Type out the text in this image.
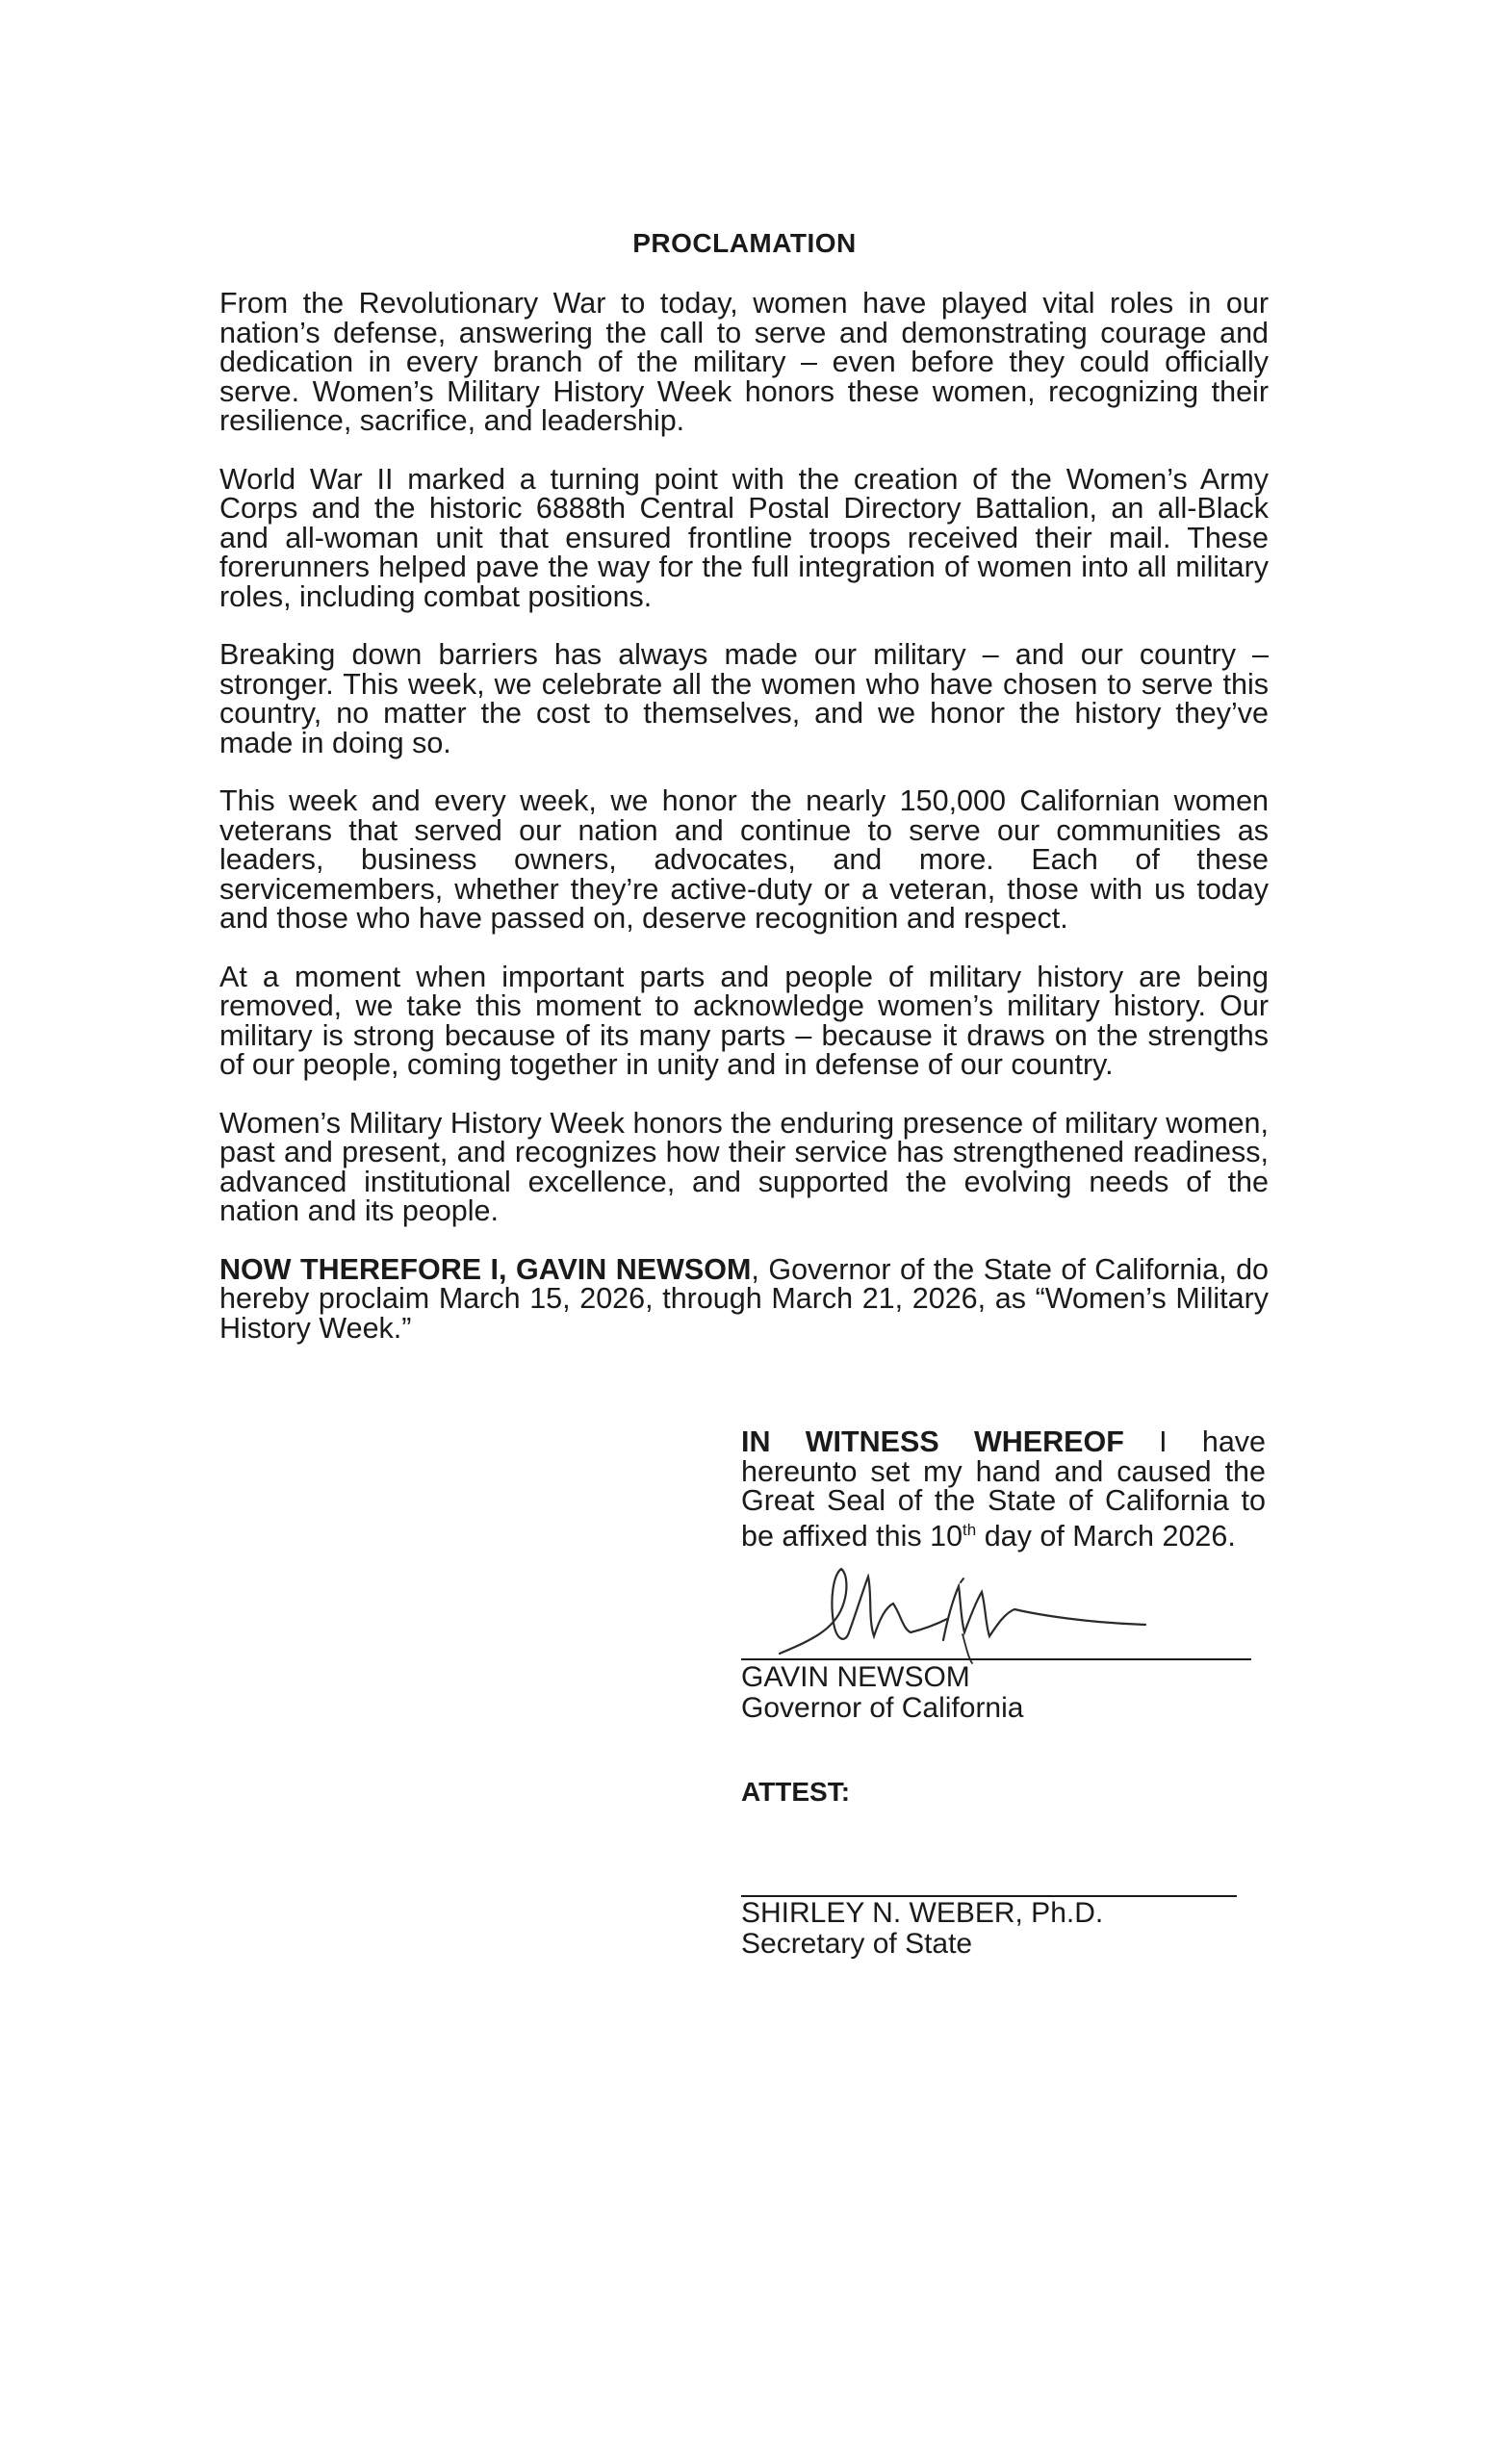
PROCLAMATION

From the Revolutionary War to today, women have played vital roles in our nation’s defense, answering the call to serve and demonstrating courage and dedication in every branch of the military – even before they could officially serve. Women’s Military History Week honors these women, recognizing their resilience, sacrifice, and leadership.

World War II marked a turning point with the creation of the Women’s Army Corps and the historic 6888th Central Postal Directory Battalion, an all-Black and all-woman unit that ensured frontline troops received their mail. These forerunners helped pave the way for the full integration of women into all military roles, including combat positions.

Breaking down barriers has always made our military – and our country – stronger. This week, we celebrate all the women who have chosen to serve this country, no matter the cost to themselves, and we honor the history they’ve made in doing so.

This week and every week, we honor the nearly 150,000 Californian women veterans that served our nation and continue to serve our communities as leaders, business owners, advocates, and more. Each of these servicemembers, whether they’re active-duty or a veteran, those with us today and those who have passed on, deserve recognition and respect.

At a moment when important parts and people of military history are being removed, we take this moment to acknowledge women’s military history. Our military is strong because of its many parts – because it draws on the strengths of our people, coming together in unity and in defense of our country.

Women’s Military History Week honors the enduring presence of military women, past and present, and recognizes how their service has strengthened readiness, advanced institutional excellence, and supported the evolving needs of the nation and its people.

NOW THEREFORE I, GAVIN NEWSOM, Governor of the State of California, do hereby proclaim March 15, 2026, through March 21, 2026, as “Women’s Military History Week.”

IN WITNESS WHEREOF I have hereunto set my hand and caused the Great Seal of the State of California to be affixed this 10th day of March 2026.
GAVIN NEWSOM
Governor of California
ATTEST:
SHIRLEY N. WEBER, Ph.D.
Secretary of State
